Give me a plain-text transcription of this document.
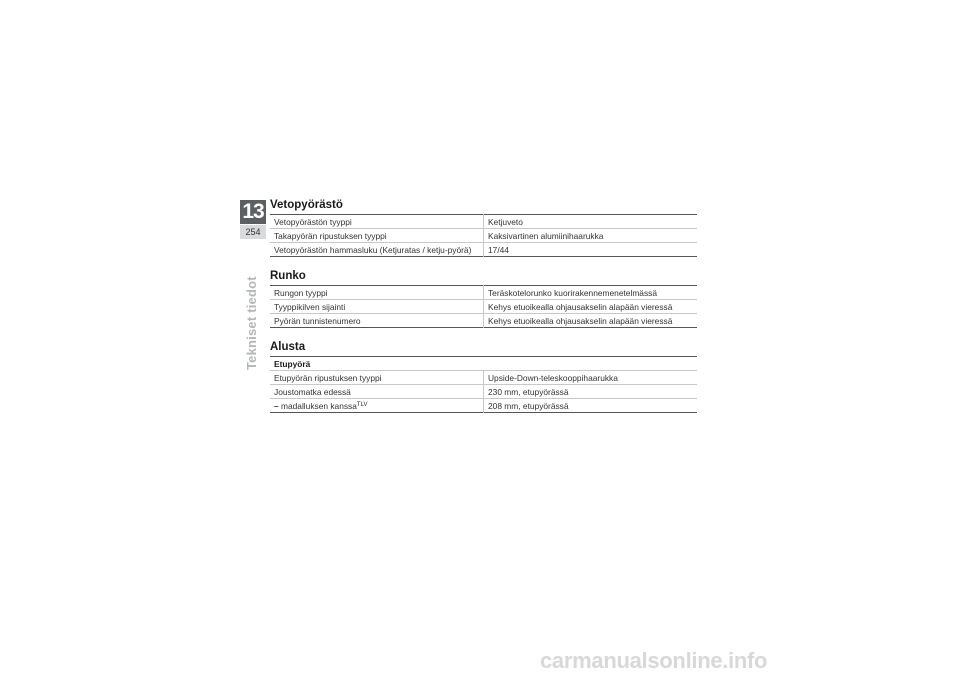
13
254
Tekniset tiedot
Vetopyörästö
Vetopyörästön tyyppi	Ketjuveto
Takapyörän ripustuksen tyyppi	Kaksivartinen alumiinihaarukka
Vetopyörästön hammasluku (Ketjuratas / ketju-pyörä)	17/44
Runko
Rungon tyyppi	Teräskotelorunko kuorirakennemenetelmässä
Tyyppikilven sijainti	Kehys etuoikealla ohjausakselin alapään vieressä
Pyörän tunnistenumero	Kehys etuoikealla ohjausakselin alapään vieressä
Alusta
Etupyörä	
Etupyörän ripustuksen tyyppi	Upside-Down-teleskooppihaarukka
Joustomatka edessä	230 mm, etupyörässä
– madalluksen kanssa$^{TLV}$	208 mm, etupyörässä
carmanualsonline.info
